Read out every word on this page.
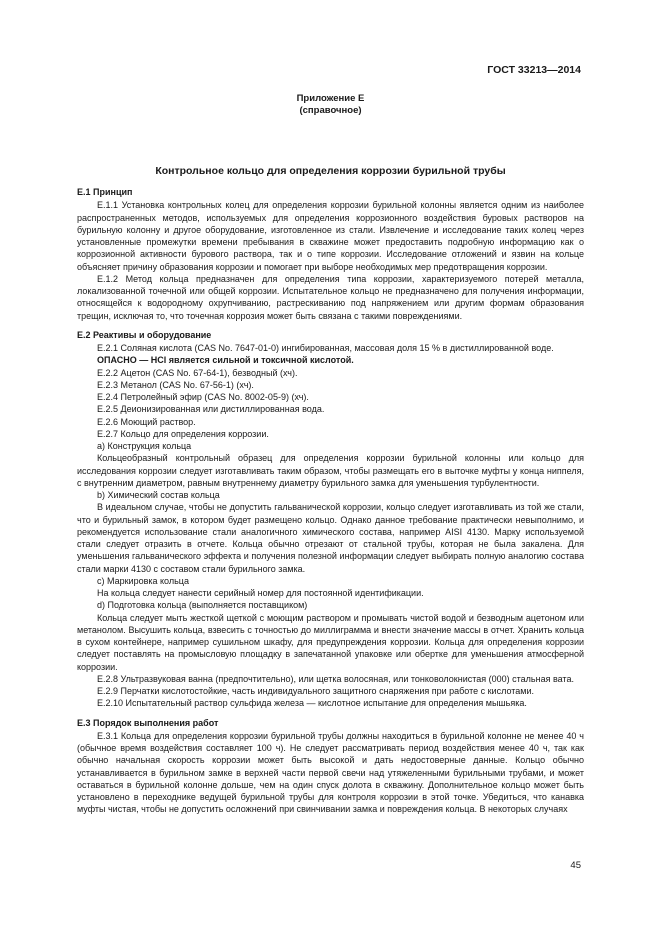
ГОСТ 33213—2014
Приложение Е
(справочное)
Контрольное кольцо для определения коррозии бурильной трубы

Е.1 Принцип

Е.1.1 Установка контрольных колец для определения коррозии бурильной колонны является одним из наиболее распространенных методов, используемых для определения коррозионного воздействия буровых растворов на бурильную колонну и другое оборудование, изготовленное из стали. Извлечение и исследование таких колец через установленные промежутки времени пребывания в скважине может предоставить подробную информацию как о коррозионной активности бурового раствора, так и о типе коррозии. Исследование отложений и язвин на кольце объясняет причину образования коррозии и помогает при выборе необходимых мер предотвращения коррозии.

Е.1.2 Метод кольца предназначен для определения типа коррозии, характеризуемого потерей металла, локализованной точечной или общей коррозии. Испытательное кольцо не предназначено для получения информации, относящейся к водородному охрупчиванию, растрескиванию под напряжением или другим формам образования трещин, исключая то, что точечная коррозия может быть связана с такими повреждениями.

Е.2 Реактивы и оборудование

Е.2.1 Соляная кислота (CAS No. 7647-01-0) ингибированная, массовая доля 15 % в дистиллированной воде.

ОПАСНО — HCl является сильной и токсичной кислотой.

Е.2.2 Ацетон (CAS No. 67-64-1), безводный (хч).

Е.2.3 Метанол (CAS No. 67-56-1) (хч).

Е.2.4 Петролейный эфир (CAS No. 8002-05-9) (хч).

Е.2.5 Деионизированная или дистиллированная вода.

Е.2.6 Моющий раствор.

Е.2.7 Кольцо для определения коррозии.

a) Конструкция кольца

Кольцеобразный контрольный образец для определения коррозии бурильной колонны или кольцо для исследования коррозии следует изготавливать таким образом, чтобы размещать его в выточке муфты у конца ниппеля, с внутренним диаметром, равным внутреннему диаметру бурильного замка для уменьшения турбулентности.

b) Химический состав кольца

В идеальном случае, чтобы не допустить гальванической коррозии, кольцо следует изготавливать из той же стали, что и бурильный замок, в котором будет размещено кольцо. Однако данное требование практически невыполнимо, и рекомендуется использование стали аналогичного химического состава, например AISI 4130. Марку используемой стали следует отразить в отчете. Кольца обычно отрезают от стальной трубы, которая не была закалена. Для уменьшения гальванического эффекта и получения полезной информации следует выбирать полную аналогию состава стали марки 4130 с составом стали бурильного замка.

c) Маркировка кольца

На кольца следует нанести серийный номер для постоянной идентификации.

d) Подготовка кольца (выполняется поставщиком)

Кольца следует мыть жесткой щеткой с моющим раствором и промывать чистой водой и безводным ацетоном или метанолом. Высушить кольца, взвесить с точностью до миллиграмма и внести значение массы в отчет. Хранить кольца в сухом контейнере, например сушильном шкафу, для предупреждения коррозии. Кольца для определения коррозии следует поставлять на промысловую площадку в запечатанной упаковке или обертке для уменьшения атмосферной коррозии.

Е.2.8 Ультразвуковая ванна (предпочтительно), или щетка волосяная, или тонковолокнистая (000) стальная вата.

Е.2.9 Перчатки кислотостойкие, часть индивидуального защитного снаряжения при работе с кислотами.

Е.2.10 Испытательный раствор сульфида железа — кислотное испытание для определения мышьяка.

Е.3 Порядок выполнения работ

Е.3.1 Кольца для определения коррозии бурильной трубы должны находиться в бурильной колонне не менее 40 ч (обычное время воздействия составляет 100 ч). Не следует рассматривать период воздействия менее 40 ч, так как обычно начальная скорость коррозии может быть высокой и дать недостоверные данные. Кольцо обычно устанавливается в бурильном замке в верхней части первой свечи над утяжеленными бурильными трубами, и может оставаться в бурильной колонне дольше, чем на один спуск долота в скважину. Дополнительное кольцо может быть установлено в переходнике ведущей бурильной трубы для контроля коррозии в этой точке. Убедиться, что канавка муфты чистая, чтобы не допустить осложнений при свинчивании замка и повреждения кольца. В некоторых случаях

45
